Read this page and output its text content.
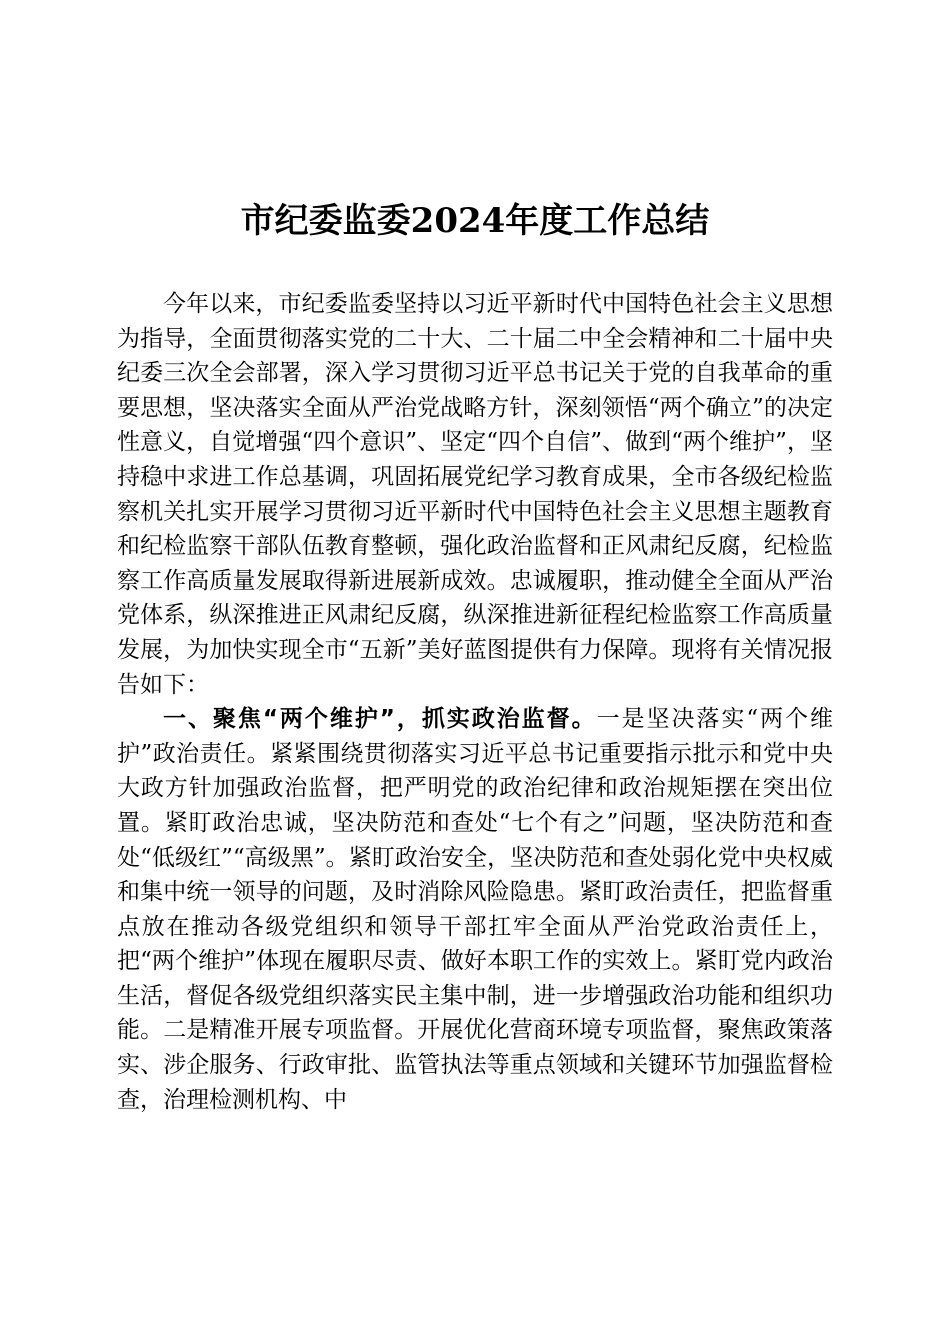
市纪委监委2024年度工作总结

今年以来，市纪委监委坚持以习近平新时代中国特色社会主义思想为指导，全面贯彻落实党的二十大、二十届二中全会精神和二十届中央纪委三次全会部署，深入学习贯彻习近平总书记关于党的自我革命的重要思想，坚决落实全面从严治党战略方针，深刻领悟“两个确立”的决定性意义，自觉增强“四个意识”、坚定“四个自信”、做到“两个维护”，坚持稳中求进工作总基调，巩固拓展党纪学习教育成果，全市各级纪检监察机关扎实开展学习贯彻习近平新时代中国特色社会主义思想主题教育和纪检监察干部队伍教育整顿，强化政治监督和正风肃纪反腐，纪检监察工作高质量发展取得新进展新成效。忠诚履职，推动健全全面从严治党体系，纵深推进正风肃纪反腐，纵深推进新征程纪检监察工作高质量发展，为加快实现全市“五新”美好蓝图提供有力保障。现将有关情况报告如下：

一、聚焦“两个维护”，抓实政治监督。一是坚决落实“两个维护”政治责任。紧紧围绕贯彻落实习近平总书记重要指示批示和党中央大政方针加强政治监督，把严明党的政治纪律和政治规矩摆在突出位置。紧盯政治忠诚，坚决防范和查处“七个有之”问题，坚决防范和查处“低级红”“高级黑”。紧盯政治安全，坚决防范和查处弱化党中央权威和集中统一领导的问题，及时消除风险隐患。紧盯政治责任，把监督重点放在推动各级党组织和领导干部扛牢全面从严治党政治责任上，把“两个维护”体现在履职尽责、做好本职工作的实效上。紧盯党内政治生活，督促各级党组织落实民主集中制，进一步增强政治功能和组织功能。二是精准开展专项监督。开展优化营商环境专项监督，聚焦政策落实、涉企服务、行政审批、监管执法等重点领域和关键环节加强监督检查，治理检测机构、中
